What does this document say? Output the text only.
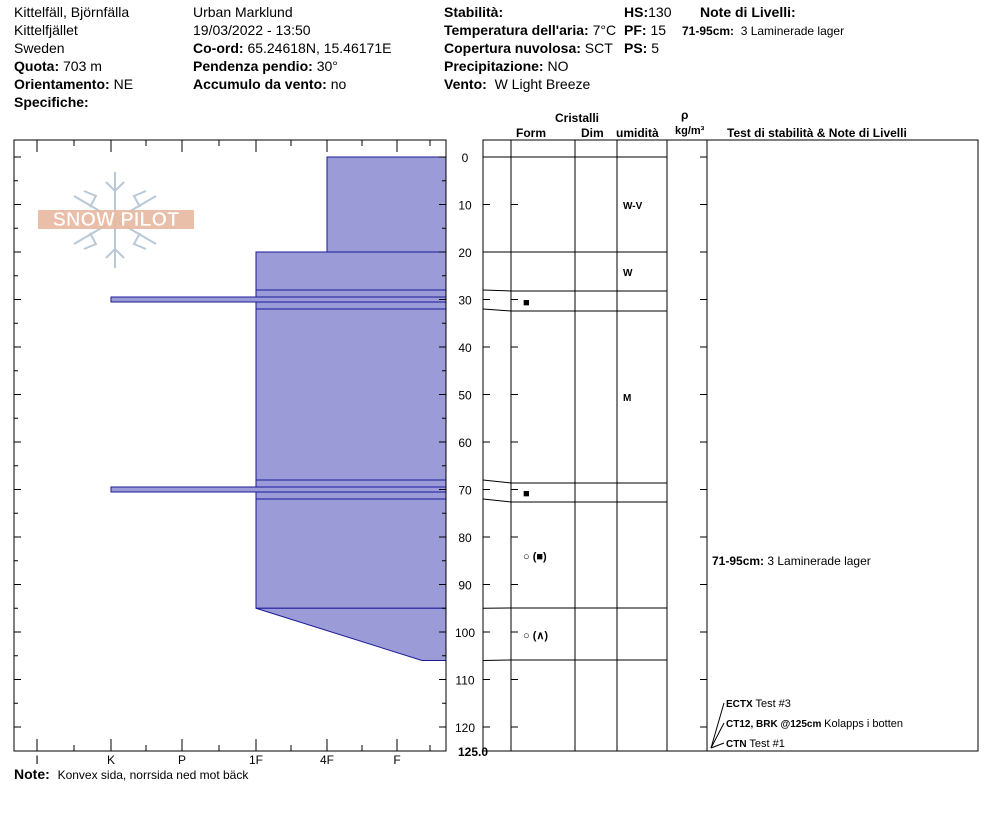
Kittelfäll, Björnfälla
Kittelfjället
Sweden
Quota: 703 m
Orientamento: NE
Specifiche:
Urban Marklund
19/03/2022 - 13:50
Co-ord: 65.24618N, 15.46171E
Pendenza pendio: 30°
Accumulo da vento: no
Stabilità:
Temperatura dell'aria: 7°C
Copertura nuvolosa: SCT
Precipitazione: NO
Vento: W Light Breeze
HS:130
PF: 15
PS: 5
Note di Livelli:
71-95cm: 3 Laminerade lager
Cristalli
Form	Dim umidità
ρ
kg/m³ Test di stabilità & Note di Livelli
SNOW PILOT
I	K	P	1F	4F	F
0
10
20
30
40
50
60
70
80
90
100
110
120
125.0
W-V
W
M
■
■
○ (■)
○ (∧)
71-95cm: 3 Laminerade lager
ECTX Test #3
CT12, BRK @125cm Kolapps i botten
CTN Test #1
Note: Konvex sida, norrsida ned mot bäck
